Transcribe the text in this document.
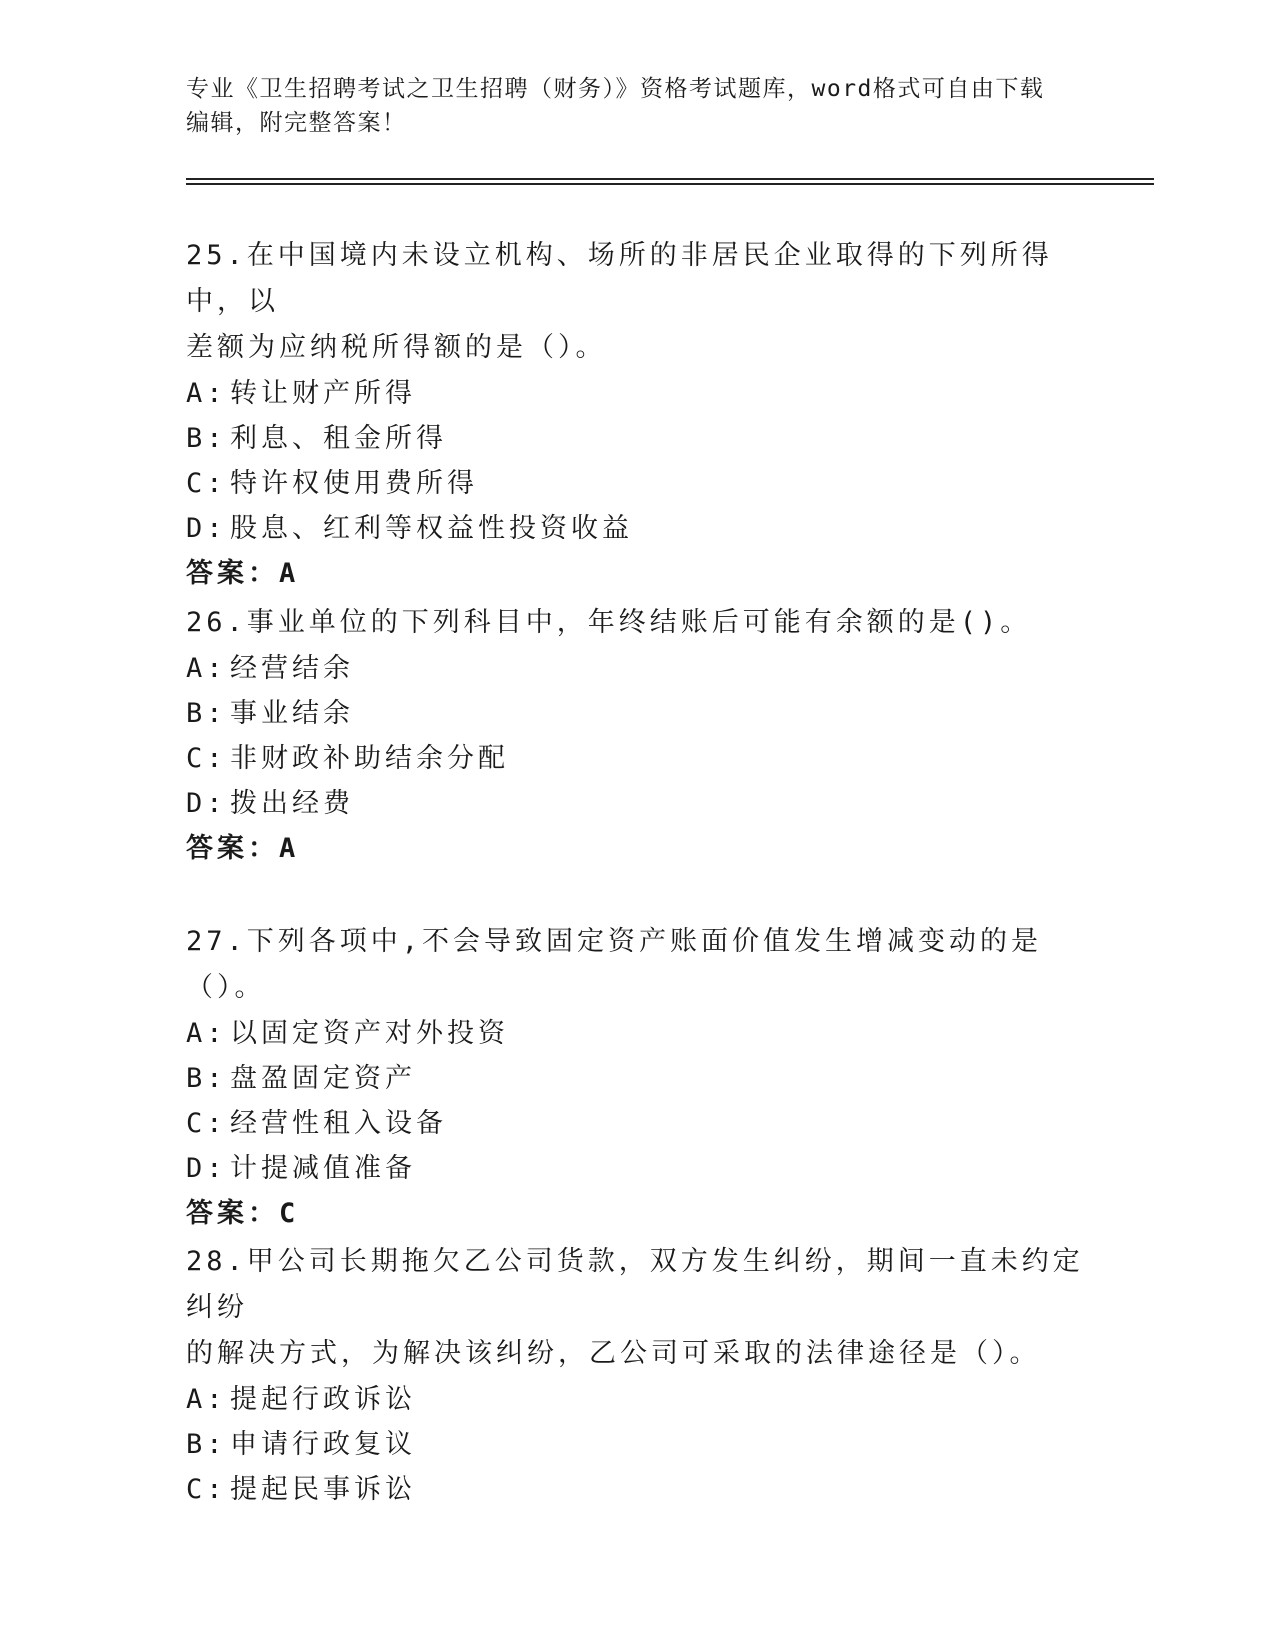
专业《卫生招聘考试之卫生招聘（财务）》资格考试题库，word格式可自由下载
编辑，附完整答案！

25.在中国境内未设立机构、场所的非居民企业取得的下列所得中，以

差额为应纳税所得额的是（）。

A: 转让财产所得

B: 利息、租金所得

C: 特许权使用费所得

D: 股息、红利等权益性投资收益

答案：A

26.事业单位的下列科目中，年终结账后可能有余额的是()。

A: 经营结余

B: 事业结余

C: 非财政补助结余分配

D: 拨出经费

答案：A

27.下列各项中,不会导致固定资产账面价值发生增减变动的是（）。

A: 以固定资产对外投资

B: 盘盈固定资产

C: 经营性租入设备

D: 计提减值准备

答案：C

28.甲公司长期拖欠乙公司货款，双方发生纠纷，期间一直未约定纠纷

的解决方式，为解决该纠纷，乙公司可采取的法律途径是（）。

A: 提起行政诉讼

B: 申请行政复议

C: 提起民事诉讼
